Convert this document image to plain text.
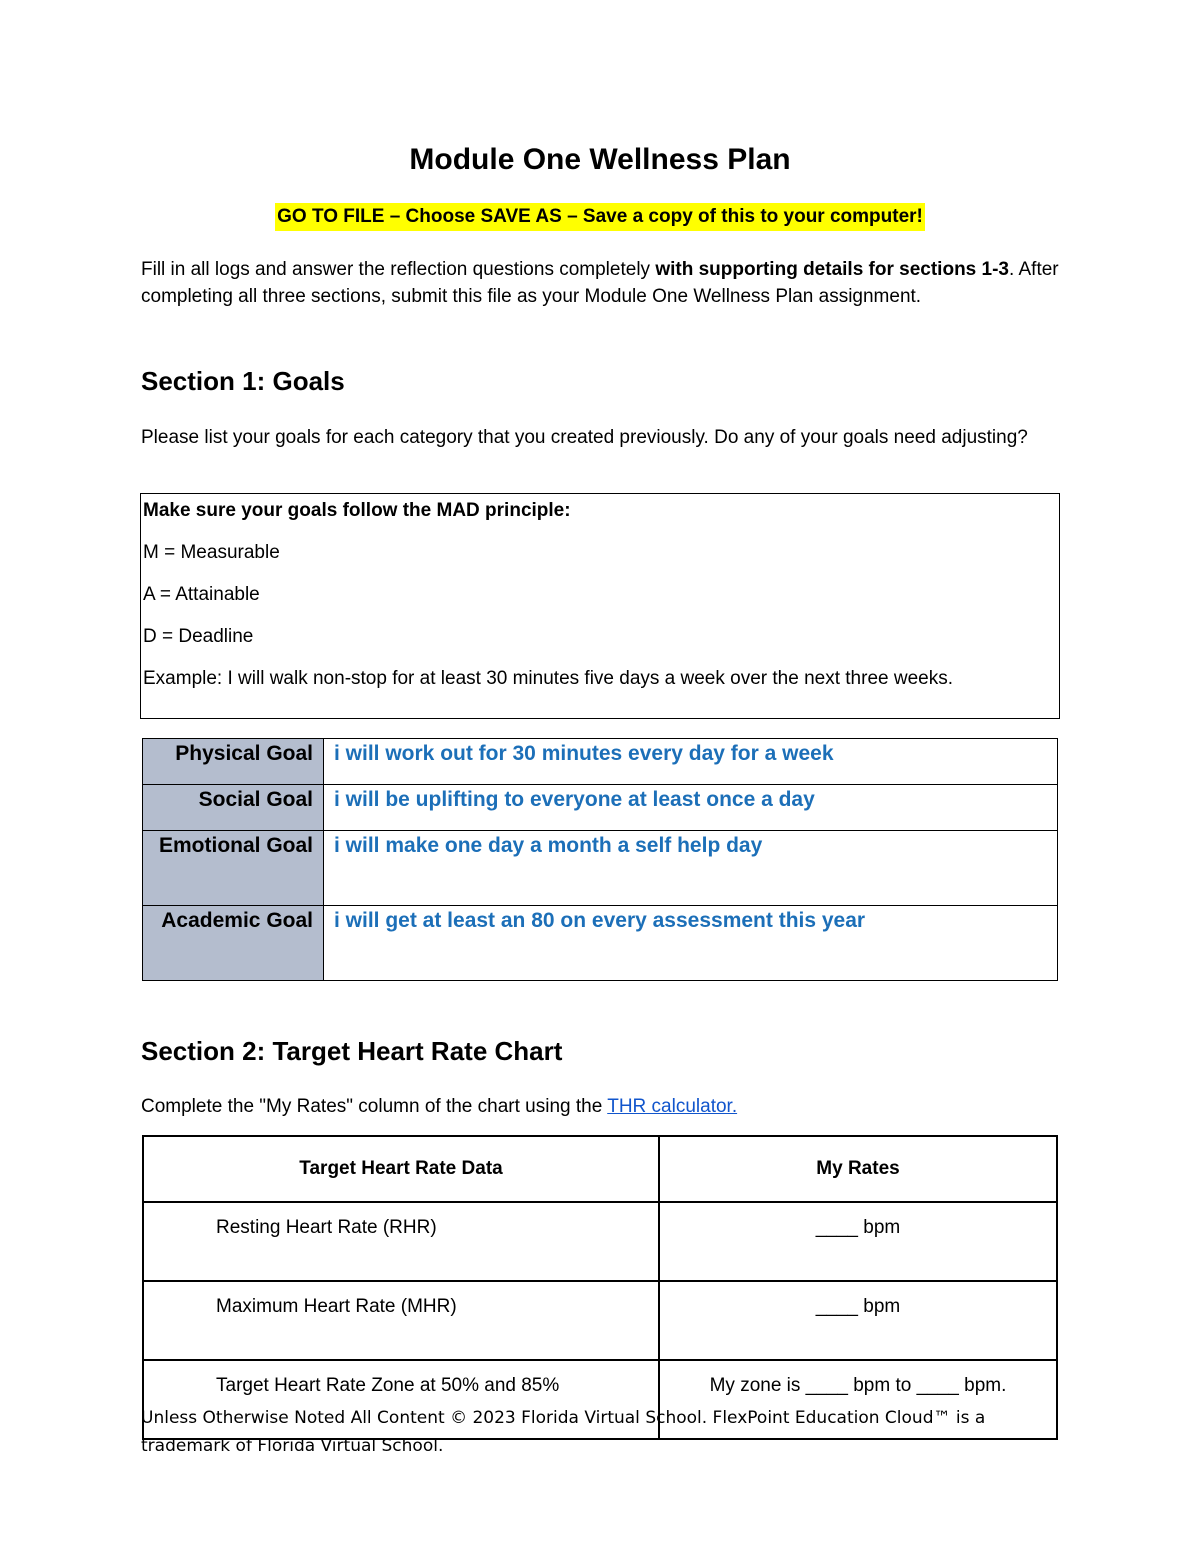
Module One Wellness Plan
GO TO FILE – Choose SAVE AS – Save a copy of this to your computer!
Fill in all logs and answer the reflection questions completely with supporting details for sections 1-3. After completing all three sections, submit this file as your Module One Wellness Plan assignment.
Section 1: Goals
Please list your goals for each category that you created previously. Do any of your goals need adjusting?

Make sure your goals follow the MAD principle:

M = Measurable

A = Attainable

D = Deadline

Example: I will walk non-stop for at least 30 minutes five days a week over the next three weeks.

Physical Goal	i will work out for 30 minutes every day for a week
Social Goal	i will be uplifting to everyone at least once a day
Emotional Goal	i will make one day a month a self help day
Academic Goal	i will get at least an 80 on every assessment this year
Section 2: Target Heart Rate Chart
Complete the "My Rates" column of the chart using the THR calculator.
Target Heart Rate Data	My Rates
Resting Heart Rate (RHR)	____ bpm
Maximum Heart Rate (MHR)	____ bpm
Target Heart Rate Zone at 50% and 85%	My zone is ____ bpm to ____ bpm.
Unless Otherwise Noted All Content © 2023 Florida Virtual School. FlexPoint Education Cloud™ is a trademark of Florida Virtual School.
